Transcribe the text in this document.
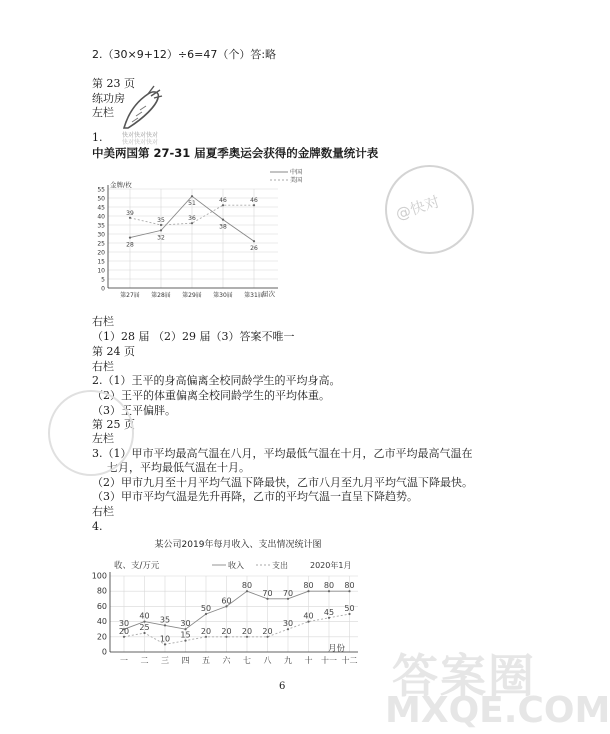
2.（30×9+12）÷6=47（个）答:略
第 23 页
练功房
左栏
1.	快对快对快对
快对快对快对
中美两国第 27-31 届夏季奥运会获得的金牌数量统计表
0
5
10
15
20
25
30
35
40
45
50
55
第27届 第28届 第29届 第30届 第31届
金牌/枚
届次
28
32
51
38
26
39
35	36
46	46
中国
美国
右栏
（1）28 届 （2）29 届（3）答案不唯一
第 24 页
右栏
2.（1）王平的身高偏离全校同龄学生的平均身高。
（2）王平的体重偏离全校同龄学生的平均体重。
（3）王平偏胖。
第 25 页
左栏
3.（1）甲市平均最高气温在八月，平均最低气温在十月，乙市平均最高气温在
七月，平均最低气温在十月。
（2）甲市九月至十月平均气温下降最快，乙市八月至九月平均气温下降最快。
（3）甲市平均气温是先升再降，乙市的平均气温一直呈下降趋势。
右栏
4.
某公司2019年每月收入、支出情况统计图
0
20
40
60
80
100
一 二 三 四 五 六 七 八 九 十 十一 十二
收、支/万元
月份
30
40 35 30
50
60
80
70 70
80 80 80
20 25
10 15 20 20 20 20
30
40 45 50
收入	支出	2020年1月
6
@快对
答案圈
MXQE.COM
